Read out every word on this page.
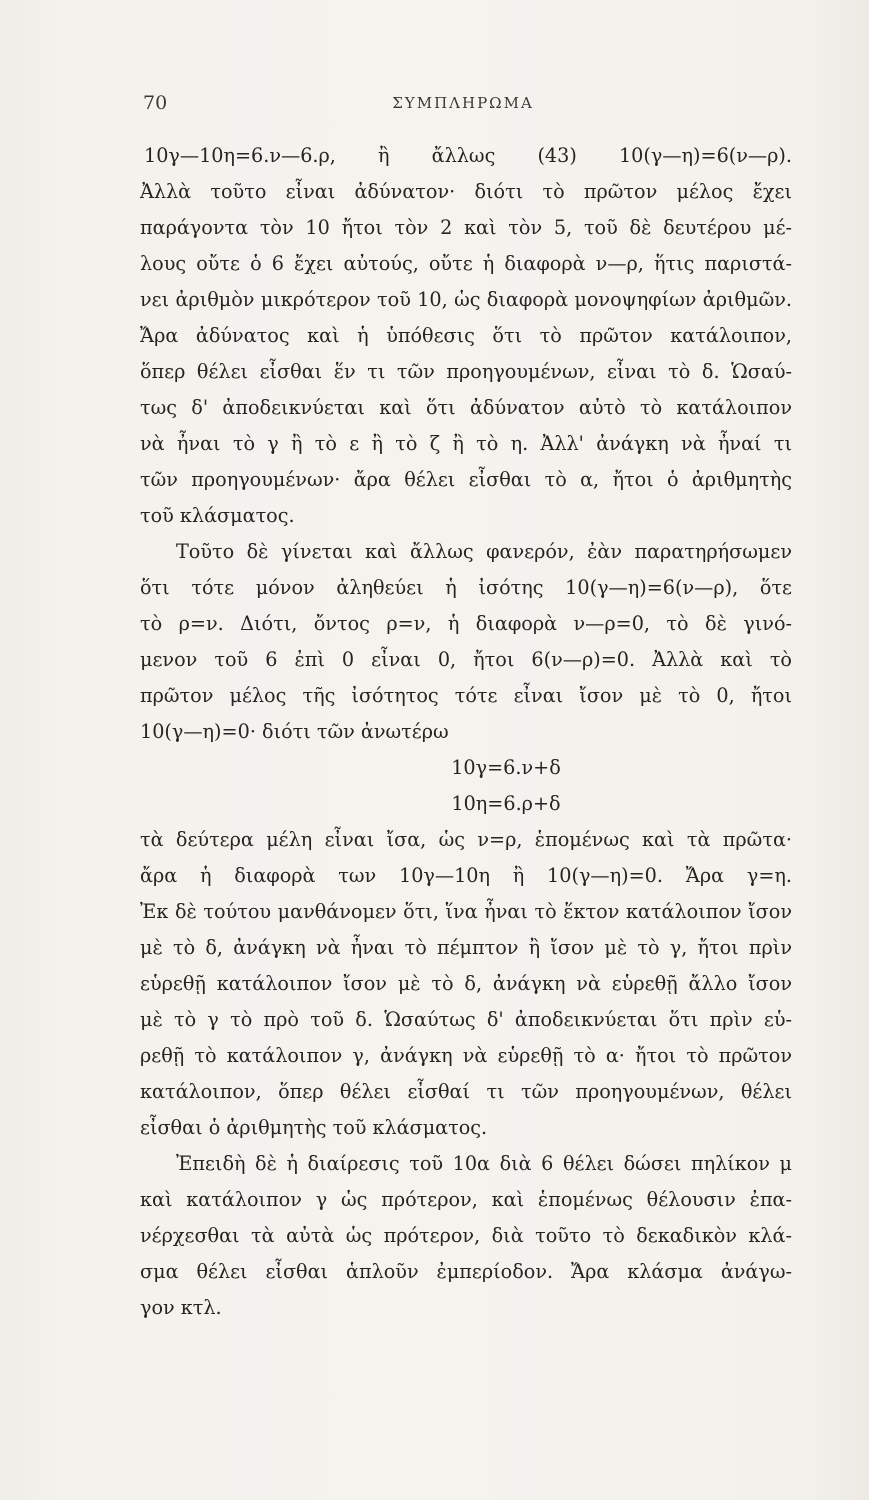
70	ΣΥΜΠΛΗΡΩΜΑ
10γ—10η=6.ν—6.ρ, ἢ ἄλλως (43) 10(γ—η)=6(ν—ρ).
Ἀλλὰ τοῦτο εἶναι ἀδύνατον· διότι τὸ πρῶτον μέλος ἔχει
παράγοντα τὸν 10 ἤτοι τὸν 2 καὶ τὸν 5, τοῦ δὲ δευτέρου μέ-
λους οὔτε ὁ 6 ἔχει αὐτούς, οὔτε ἡ διαφορὰ ν—ρ, ἥτις παριστά-
νει ἀριθμὸν μικρότερον τοῦ 10, ὡς διαφορὰ μονοψηφίων ἀριθμῶν.
Ἄρα ἀδύνατος καὶ ἡ ὑπόθεσις ὅτι τὸ πρῶτον κατάλοιπον,
ὅπερ θέλει εἶσθαι ἕν τι τῶν προηγουμένων, εἶναι τὸ δ. Ὡσαύ-
τως δ' ἀποδεικνύεται καὶ ὅτι ἀδύνατον αὐτὸ τὸ κατάλοιπον
νὰ ἦναι τὸ γ ἢ τὸ ε ἢ τὸ ζ ἢ τὸ η. Ἀλλ' ἀνάγκη νὰ ἦναί τι
τῶν προηγουμένων· ἄρα θέλει εἶσθαι τὸ α, ἤτοι ὁ ἀριθμητὴς
τοῦ κλάσματος.
Τοῦτο δὲ γίνεται καὶ ἄλλως φανερόν, ἐὰν παρατηρήσωμεν
ὅτι τότε μόνον ἀληθεύει ἡ ἰσότης 10(γ—η)=6(ν—ρ), ὅτε
τὸ ρ=ν. Διότι, ὄντος ρ=ν, ἡ διαφορὰ ν—ρ=0, τὸ δὲ γινό-
μενον τοῦ 6 ἐπὶ 0 εἶναι 0, ἤτοι 6(ν—ρ)=0. Ἀλλὰ καὶ τὸ
πρῶτον μέλος τῆς ἰσότητος τότε εἶναι ἴσον μὲ τὸ 0, ἤτοι
10(γ—η)=0· διότι τῶν ἀνωτέρω
10γ=6.ν+δ
10η=6.ρ+δ
τὰ δεύτερα μέλη εἶναι ἴσα, ὡς ν=ρ, ἑπομένως καὶ τὰ πρῶτα·
ἄρα ἡ διαφορὰ των 10γ—10η ἢ 10(γ—η)=0. Ἄρα γ=η.
Ἐκ δὲ τούτου μανθάνομεν ὅτι, ἵνα ἦναι τὸ ἕκτον κατάλοιπον ἴσον
μὲ τὸ δ, ἀνάγκη νὰ ἦναι τὸ πέμπτον ἢ ἴσον μὲ τὸ γ, ἤτοι πρὶν
εὑρεθῇ κατάλοιπον ἴσον μὲ τὸ δ, ἀνάγκη νὰ εὑρεθῇ ἄλλο ἴσον
μὲ τὸ γ τὸ πρὸ τοῦ δ. Ὡσαύτως δ' ἀποδεικνύεται ὅτι πρὶν εὑ-
ρεθῇ τὸ κατάλοιπον γ, ἀνάγκη νὰ εὑρεθῇ τὸ α· ἤτοι τὸ πρῶτον
κατάλοιπον, ὅπερ θέλει εἶσθαί τι τῶν προηγουμένων, θέλει
εἶσθαι ὁ ἀριθμητὴς τοῦ κλάσματος.
Ἐπειδὴ δὲ ἡ διαίρεσις τοῦ 10α διὰ 6 θέλει δώσει πηλίκον μ
καὶ κατάλοιπον γ ὡς πρότερον, καὶ ἑπομένως θέλουσιν ἐπα-
νέρχεσθαι τὰ αὐτὰ ὡς πρότερον, διὰ τοῦτο τὸ δεκαδικὸν κλά-
σμα θέλει εἶσθαι ἁπλοῦν ἐμπερίοδον. Ἄρα κλάσμα ἀνάγω-
γον κτλ.
